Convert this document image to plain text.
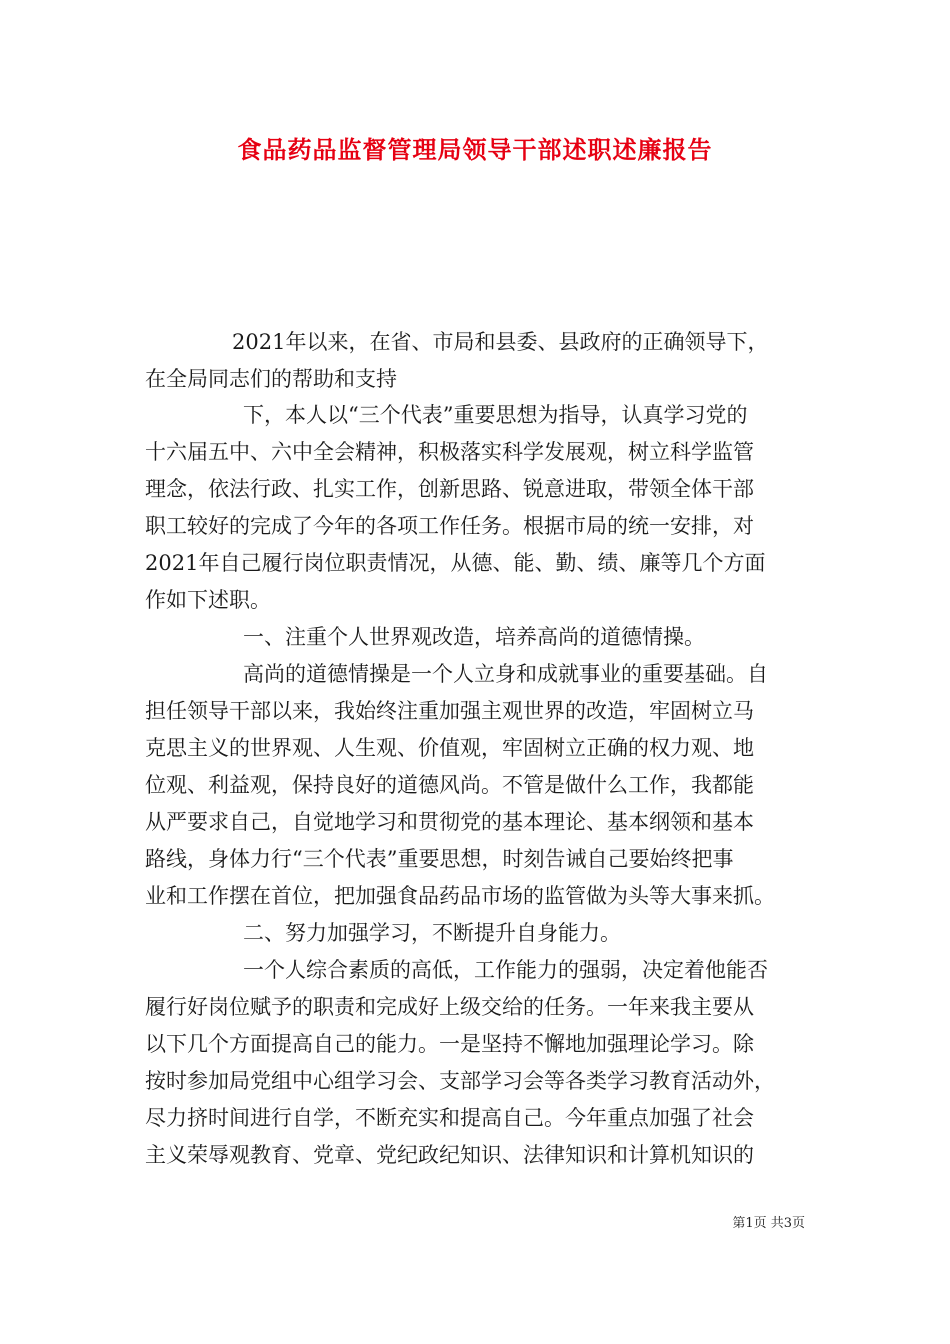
食品药品监督管理局领导干部述职述廉报告

2021年以来，在省、市局和县委、县政府的正确领导下，

在全局同志们的帮助和支持

下，本人以“三个代表”重要思想为指导，认真学习党的

十六届五中、六中全会精神，积极落实科学发展观，树立科学监管

理念，依法行政、扎实工作，创新思路、锐意进取，带领全体干部

职工较好的完成了今年的各项工作任务。根据市局的统一安排，对

2021年自己履行岗位职责情况，从德、能、勤、绩、廉等几个方面

作如下述职。

一、注重个人世界观改造，培养高尚的道德情操。

高尚的道德情操是一个人立身和成就事业的重要基础。自

担任领导干部以来，我始终注重加强主观世界的改造，牢固树立马

克思主义的世界观、人生观、价值观，牢固树立正确的权力观、地

位观、利益观，保持良好的道德风尚。不管是做什么工作，我都能

从严要求自己，自觉地学习和贯彻党的基本理论、基本纲领和基本

路线，身体力行“三个代表”重要思想，时刻告诫自己要始终把事

业和工作摆在首位，把加强食品药品市场的监管做为头等大事来抓。

二、努力加强学习，不断提升自身能力。

一个人综合素质的高低，工作能力的强弱，决定着他能否

履行好岗位赋予的职责和完成好上级交给的任务。一年来我主要从

以下几个方面提高自己的能力。一是坚持不懈地加强理论学习。除

按时参加局党组中心组学习会、支部学习会等各类学习教育活动外，

尽力挤时间进行自学，不断充实和提高自己。今年重点加强了社会

主义荣辱观教育、党章、党纪政纪知识、法律知识和计算机知识的

第1页 共3页
